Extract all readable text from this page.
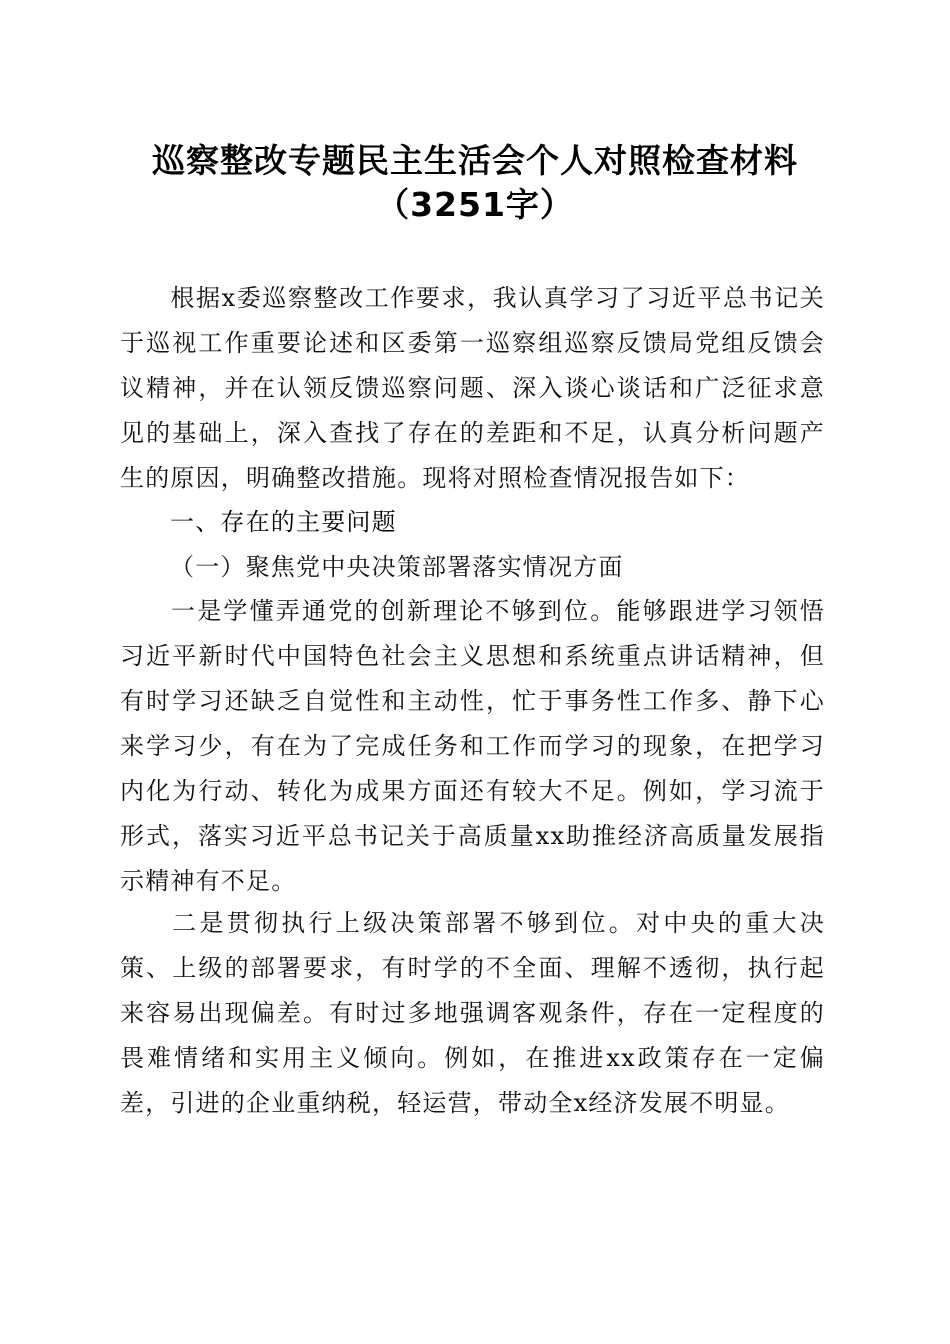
巡察整改专题民主生活会个人对照检查材料
（3251字）

根据x委巡察整改工作要求，我认真学习了习近平总书记关于巡视工作重要论述和区委第一巡察组巡察反馈局党组反馈会议精神，并在认领反馈巡察问题、深入谈心谈话和广泛征求意见的基础上，深入查找了存在的差距和不足，认真分析问题产生的原因，明确整改措施。现将对照检查情况报告如下：

一、存在的主要问题
（一）聚焦党中央决策部署落实情况方面

一是学懂弄通党的创新理论不够到位。能够跟进学习领悟习近平新时代中国特色社会主义思想和系统重点讲话精神，但有时学习还缺乏自觉性和主动性，忙于事务性工作多、静下心来学习少，有在为了完成任务和工作而学习的现象，在把学习内化为行动、转化为成果方面还有较大不足。例如，学习流于形式，落实习近平总书记关于高质量xx助推经济高质量发展指示精神有不足。

二是贯彻执行上级决策部署不够到位。对中央的重大决策、上级的部署要求，有时学的不全面、理解不透彻，执行起来容易出现偏差。有时过多地强调客观条件，存在一定程度的畏难情绪和实用主义倾向。例如，在推进xx政策存在一定偏差，引进的企业重纳税，轻运营，带动全x经济发展不明显。
